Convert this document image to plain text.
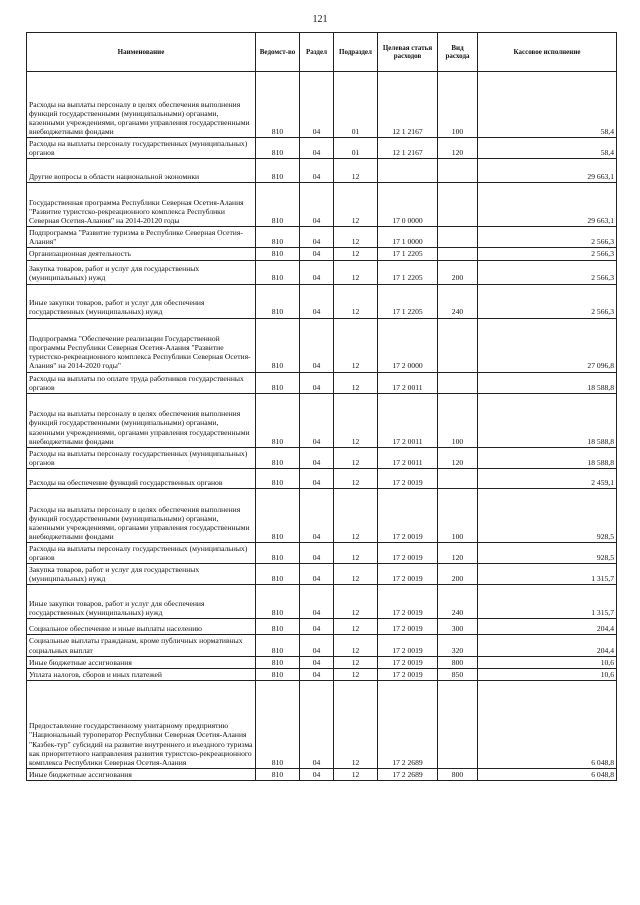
121
Наименование	Ведомст-во	Раздел	Подраздел	Целевая статья расходов	Вид расхода	Кассовое исполнение
Расходы на выплаты персоналу в целях обеспечения выполнения функций государственными (муниципальными) органами, казенными учреждениями, органами управления государственными внебюджетными фондами	810	04	01	12 1 2167	100	58,4
Расходы на выплаты персоналу государственных (муниципальных) органов	810	04	01	12 1 2167	120	58,4
Другие вопросы в области национальной экономики	810	04	12			29 663,1
Государственная программа Республики Северная Осетия-Алания "Развитие туристско-рекреационного комплекса Республики Северная Осетия-Алания" на 2014-20120 годы	810	04	12	17 0 0000		29 663,1
Подпрограмма "Развитие туризма в Республике Северная Осетия-Алания"	810	04	12	17 1 0000		2 566,3
Организационная деятельность	810	04	12	17 1 2205		2 566,3
Закупка товаров, работ и услуг для государственных (муниципальных) нужд	810	04	12	17 1 2205	200	2 566,3
Иные закупки товаров, работ и услуг для обеспечения государственных (муниципальных) нужд	810	04	12	17 1 2205	240	2 566,3
Подпрограмма "Обеспечение реализации Государственной программы Республики Северная Осетия-Алания "Развитие туристско-рекреационного комплекса Республики Северная Осетия-Алания" на 2014-2020 годы"	810	04	12	17 2 0000		27 096,8
Расходы на выплаты по оплате труда работников государственных органов	810	04	12	17 2 0011		18 588,8
Расходы на выплаты персоналу в целях обеспечения выполнения функций государственными (муниципальными) органами, казенными учреждениями, органами управления государственными внебюджетными фондами	810	04	12	17 2 0011	100	18 588,8
Расходы на выплаты персоналу государственных (муниципальных) органов	810	04	12	17 2 0011	120	18 588,8
Расходы на обеспечение функций государственных органов	810	04	12	17 2 0019		2 459,1
Расходы на выплаты персоналу в целях обеспечения выполнения функций государственными (муниципальными) органами, казенными учреждениями, органами управления государственными внебюджетными фондами	810	04	12	17 2 0019	100	928,5
Расходы на выплаты персоналу государственных (муниципальных) органов	810	04	12	17 2 0019	120	928,5
Закупка товаров, работ и услуг для государственных (муниципальных) нужд	810	04	12	17 2 0019	200	1 315,7
Иные закупки товаров, работ и услуг для обеспечения государственных (муниципальных) нужд	810	04	12	17 2 0019	240	1 315,7
Социальное обеспечение и иные выплаты населению	810	04	12	17 2 0019	300	204,4
Социальные выплаты гражданам, кроме публичных нормативных социальных выплат	810	04	12	17 2 0019	320	204,4
Иные бюджетные ассигнования	810	04	12	17 2 0019	800	10,6
Уплата налогов, сборов и иных платежей	810	04	12	17 2 0019	850	10,6
Предоставление государственному унитарному предприятию "Национальный туроператор Республики Северная Осетия-Алания "Казбек-тур" субсидий на развитие внутреннего и въездного туризма как приоритетного направления развития туристско-рекреационного комплекса Республики Северная Осетия-Алания	810	04	12	17 2 2689		6 048,8
Иные бюджетные ассигнования	810	04	12	17 2 2689	800	6 048,8
